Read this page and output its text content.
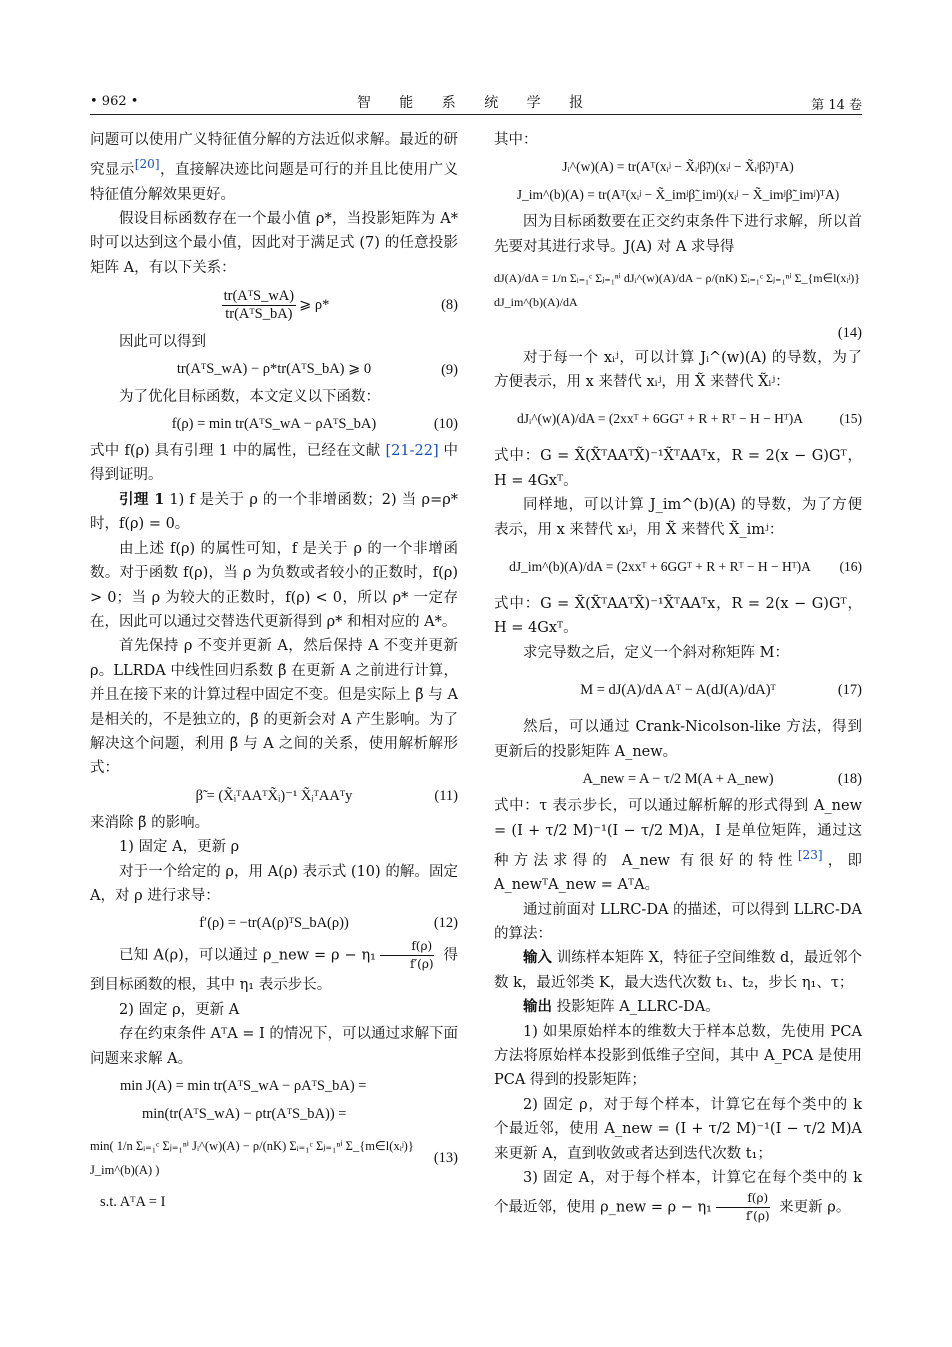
• 962 •	智 能 系 统 学 报	第 14 卷

问题可以使用广义特征值分解的方法近似求解。最近的研究显示[20]，直接解决迹比问题是可行的并且比使用广义特征值分解效果更好。

假设目标函数存在一个最小值 ρ*，当投影矩阵为 A* 时可以达到这个最小值，因此对于满足式 (7) 的任意投影矩阵 A，有以下关系：

$\frac{\text{tr(AᵀS\_wA)}}{\text{tr(AᵀS\_bA)}}$ ⩾ ρ*	(8)

因此可以得到

tr(AᵀS_wA) − ρ*tr(AᵀS_bA) ⩾ 0	(9)

为了优化目标函数，本文定义以下函数：

f(ρ) = min tr(AᵀS_wA − ρAᵀS_bA)	(10)

式中 f(ρ) 具有引理 1 中的属性，已经在文献 [21-22] 中得到证明。

引理 1 1) f 是关于 ρ 的一个非增函数；2) 当 ρ=ρ* 时，f(ρ) = 0。

由上述 f(ρ) 的属性可知，f 是关于 ρ 的一个非增函数。对于函数 f(ρ)，当 ρ 为负数或者较小的正数时，f(ρ) > 0；当 ρ 为较大的正数时，f(ρ) < 0，所以 ρ* 一定存在，因此可以通过交替迭代更新得到 ρ* 和相对应的 A*。

首先保持 ρ 不变并更新 A，然后保持 A 不变并更新 ρ。LLRDA 中线性回归系数 β̃ 在更新 A 之前进行计算，并且在接下来的计算过程中固定不变。但是实际上 β̃ 与 A 是相关的，不是独立的，β̃ 的更新会对 A 产生影响。为了解决这个问题，利用 β̃ 与 A 之间的关系，使用解析解形式：

β̃ = (X̃ᵢᵀAAᵀX̃ᵢ)⁻¹ X̃ᵢᵀAAᵀy	(11)

来消除 β̃ 的影响。

1) 固定 A，更新 ρ

对于一个给定的 ρ，用 A(ρ) 表示式 (10) 的解。固定 A，对 ρ 进行求导：

f′(ρ) = −tr(A(ρ)ᵀS_bA(ρ))	(12)

已知 A(ρ)，可以通过 ρ_new = $\rho - \eta_1 \frac{f(\rho)}{f'(\rho)}$ 得到目标函数的根，其中 η₁ 表示步长。

2) 固定 ρ，更新 A

存在约束条件 AᵀA = I 的情况下，可以通过求解下面问题来求解 A。

min J(A) = min tr(AᵀS_wA − ρAᵀS_bA) =
min(tr(AᵀS_wA) − ρtr(AᵀS_bA)) =
min( 1/n Σᵢ₌₁ᶜ Σⱼ₌₁ⁿⁱ Jᵢ^(w)(A) − ρ/(nK) Σᵢ₌₁ᶜ Σⱼ₌₁ⁿⁱ Σ_{m∈l(xᵢʲ)} J_im^(b)(A) )
(13)
s.t. AᵀA = I

其中：

Jᵢ^(w)(A) = tr(Aᵀ(xᵢʲ − X̃ᵢʲβ̃ᵢʲ)(xᵢʲ − X̃ᵢʲβ̃ᵢʲ)ᵀA)
J_im^(b)(A) = tr(Aᵀ(xᵢʲ − X̃_imʲβ̃_imʲ)(xᵢʲ − X̃_imʲβ̃_imʲ)ᵀA)

因为目标函数要在正交约束条件下进行求解，所以首先要对其进行求导。J(A) 对 A 求导得

dJ(A)/dA = 1/n Σᵢ₌₁ᶜ Σⱼ₌₁ⁿⁱ dJᵢ^(w)(A)/dA − ρ/(nK) Σᵢ₌₁ᶜ Σⱼ₌₁ⁿⁱ Σ_{m∈l(xᵢʲ)} dJ_im^(b)(A)/dA
(14)

对于每一个 xᵢʲ，可以计算 Jᵢ^(w)(A) 的导数，为了方便表示，用 x 来替代 xᵢʲ，用 X̃ 来替代 X̃ᵢʲ：

dJᵢ^(w)(A)/dA = (2xxᵀ + 6GGᵀ + R + Rᵀ − H − Hᵀ)A	(15)

式中：G = X̃(X̃ᵀAAᵀX̃)⁻¹X̃ᵀAAᵀx，R = 2(x − G)Gᵀ，H = 4Gxᵀ。

同样地，可以计算 J_im^(b)(A) 的导数，为了方便表示，用 x 来替代 xᵢʲ，用 X̃ 来替代 X̃_imʲ：

dJ_im^(b)(A)/dA = (2xxᵀ + 6GGᵀ + R + Rᵀ − H − Hᵀ)A (16)

式中：G = X̃(X̃ᵀAAᵀX̃)⁻¹X̃ᵀAAᵀx，R = 2(x − G)Gᵀ，H = 4Gxᵀ。

求完导数之后，定义一个斜对称矩阵 M：

M = dJ(A)/dA Aᵀ − A(dJ(A)/dA)ᵀ	(17)

然后，可以通过 Crank-Nicolson-like 方法，得到更新后的投影矩阵 A_new。

A_new = A − τ/2 M(A + A_new)	(18)

式中：τ 表示步长，可以通过解析解的形式得到 A_new = (I + τ/2 M)⁻¹(I − τ/2 M)A，I 是单位矩阵，通过这种方法求得的 A_new 有很好的特性[23]，即 A_newᵀA_new = AᵀA。

通过前面对 LLRC-DA 的描述，可以得到 LLRC-DA 的算法：

输入 训练样本矩阵 X，特征子空间维数 d，最近邻个数 k，最近邻类 K，最大迭代次数 t₁、t₂，步长 η₁、τ；

输出 投影矩阵 A_LLRC-DA。

1) 如果原始样本的维数大于样本总数，先使用 PCA 方法将原始样本投影到低维子空间，其中 A_PCA 是使用 PCA 得到的投影矩阵；

2) 固定 ρ，对于每个样本，计算它在每个类中的 k 个最近邻，使用 A_new = (I + τ/2 M)⁻¹(I − τ/2 M)A 来更新 A，直到收敛或者达到迭代次数 t₁；

3) 固定 A，对于每个样本，计算它在每个类中的 k 个最近邻，使用 ρ_new = $\rho - \eta_1 \frac{f(\rho)}{f'(\rho)}$ 来更新 ρ。
